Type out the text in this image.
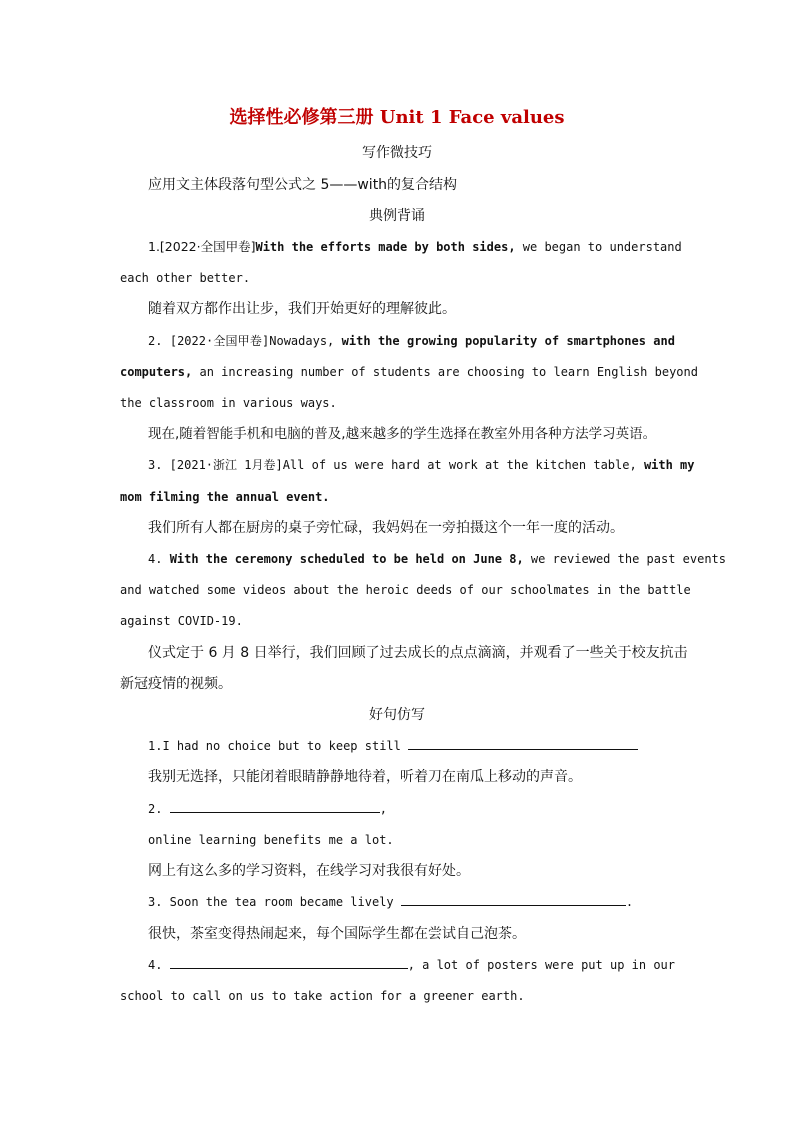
选择性必修第三册 Unit 1 Face values
写作微技巧
应用文主体段落句型公式之 5——with的复合结构
典例背诵
1.[2022·全国甲卷]With the efforts made by both sides, we began to understand
each other better.
随着双方都作出让步，我们开始更好的理解彼此。
2. [2022·全国甲卷]Nowadays, with the growing popularity of smartphones and
computers, an increasing number of students are choosing to learn English beyond
the classroom in various ways.
现在,随着智能手机和电脑的普及,越来越多的学生选择在教室外用各种方法学习英语。
3. [2021·浙江 1月卷]All of us were hard at work at the kitchen table, with my
mom filming the annual event.
我们所有人都在厨房的桌子旁忙碌，我妈妈在一旁拍摄这个一年一度的活动。
4. With the ceremony scheduled to be held on June 8, we reviewed the past events
and watched some videos about the heroic deeds of our schoolmates in the battle
against COVID-19.
仪式定于 6 月 8 日举行，我们回顾了过去成长的点点滴滴，并观看了一些关于校友抗击
新冠疫情的视频。
好句仿写
1.I had no choice but to keep still
我别无选择，只能闭着眼睛静静地待着，听着刀在南瓜上移动的声音。
2.	,
online learning benefits me a lot.
网上有这么多的学习资料，在线学习对我很有好处。
3. Soon the tea room became lively	.
很快，茶室变得热闹起来，每个国际学生都在尝试自己泡茶。
4.	, a lot of posters were put up in our
school to call on us to take action for a greener earth.
